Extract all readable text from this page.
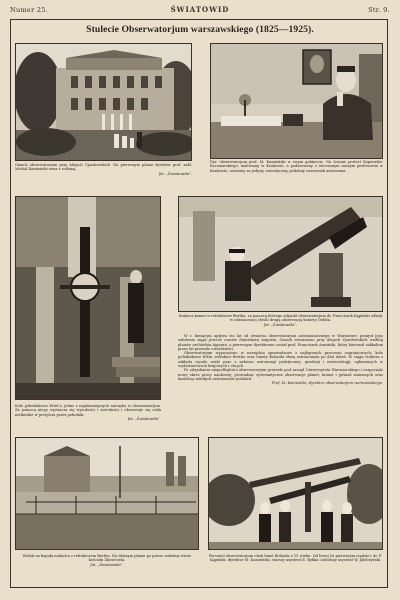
Numer 25.	ŚWIATOWID	Str. 9.
Stulecie Obserwatorjum warszawskiego (1825—1925).
Gmach obserwatorjum przy Alejach Ujazdowskich. Na pierwszym planie dyrektor prof. zakł. Michał Kamieński wraz z rodziną.
fot. „Światowida”.
Dyr. obserwatorjum prof. M. Kamieński w swym gabinecie. Na ścianie portret Kopernika-Kaczmarskiego, malowany w Krakowie, a podarowany z ówczesnym naszym profesorem w Krakowie, uważany za jedyny, autentyczny, podobny wizerunek astronoma.
Koło południkowe Ertel'a, jedno z najdawniejszych narzędzi w obserwatorjum. Za pomocą niego wyznacza się wysokości i szerokości i obserwuje się ciała niebieskie w przejściu przez południk.
fot. „Światowida”.
Szukacz komet w refraktorze Bertha, za pomocą którego adjunkt obserwatorjum dr. Franciszek Kępiński odkrył w odznaczonej chwili drugą obserwację komety Orkiśa.
fot. „Światowida”.

W r. bieżącym upływa sto lat od otwarcia obserwatorjum astronomicznego w Warszawie; pomysł jego założenia sięga jeszcze czasów Stanisława Augusta. Gmach wzniesiono przy Alejach Ujazdowskich według planów architekta Aignera, a pierwszym dyrektorem został prof. Franciszek Armiński, który kierował zakładem przez lat przeszło czterdzieści.

Obserwatorjum wyposażono w narzędzia sprowadzone z najlepszych pracowni zagranicznych; koło południkowe Ertla, refraktor Bertha oraz lunety Bolanda służą astronomom po dziś dzień. W ciągu stulecia z zakładu wyszło wiele prac z zakresu astronomji praktycznej, geodezji i meteorologji, ogłaszanych w wydawnictwach krajowych i obcych.

Po odzyskaniu niepodległości obserwatorjum przeszło pod zarząd Uniwersytetu Warszawskiego i rozpoczęło nowy okres pracy naukowej, prowadząc systematyczne obserwacje planet, komet i gwiazd zmiennych oraz kształcąc młodych astronomów polskich.

Prof. M. Kamieński, dyrektor obserwatorjum warszawskiego.

Widok na kopułę nadachu z refraktorem Bertha. Na dalszym planie po prawo widzimy wieże kościoła Zbawiciela.
fot. „Światowida”.
Personel obserwatorjum obok lunet Bolanda z 15 wieku. Od lewej (w pierwszym rzędzie): dr. F. Kępiński, dyrektor M. Kamieński, starszy asystent E. Rybka i młodszy asystent W. Jabłczyński.
